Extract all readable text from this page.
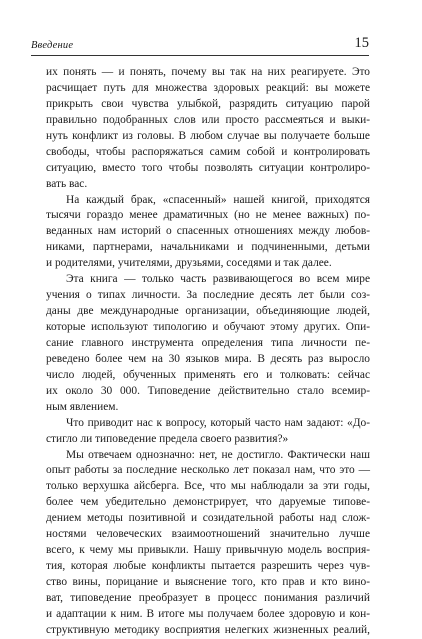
Введение	15
их понять — и понять, почему вы так на них реагируете. Это
расчищает путь для множества здоровых реакций: вы можете
прикрыть свои чувства улыбкой, разрядить ситуацию парой
правильно подобранных слов или просто рассмеяться и выки-
нуть конфликт из головы. В любом случае вы получаете больше
свободы, чтобы распоряжаться самим собой и контролировать
ситуацию, вместо того чтобы позволять ситуации контролиро-
вать вас.
На каждый брак, «спасенный» нашей книгой, приходятся
тысячи гораздо менее драматичных (но не менее важных) по-
веданных нам историй о спасенных отношениях между любов-
никами, партнерами, начальниками и подчиненными, детьми
и родителями, учителями, друзьями, соседями и так далее.
Эта книга — только часть развивающегося во всем мире
учения о типах личности. За последние десять лет были соз-
даны две международные организации, объединяющие людей,
которые используют типологию и обучают этому других. Опи-
сание главного инструмента определения типа личности пе-
реведено более чем на 30 языков мира. В десять раз выросло
число людей, обученных применять его и толковать: сейчас
их около 30 000. Типоведение действительно стало всемир-
ным явлением.
Что приводит нас к вопросу, который часто нам задают: «До-
стигло ли типоведение предела своего развития?»
Мы отвечаем однозначно: нет, не достигло. Фактически наш
опыт работы за последние несколько лет показал нам, что это —
только верхушка айсберга. Все, что мы наблюдали за эти годы,
более чем убедительно демонстрирует, что даруемые типове-
дением методы позитивной и созидательной работы над слож-
ностями человеческих взаимоотношений значительно лучше
всего, к чему мы привыкли. Нашу привычную модель восприя-
тия, которая любые конфликты пытается разрешить через чув-
ство вины, порицание и выяснение того, кто прав и кто вино-
ват, типоведение преобразует в процесс понимания различий
и адаптации к ним. В итоге мы получаем более здоровую и кон-
структивную методику восприятия нелегких жизненных реалий,
